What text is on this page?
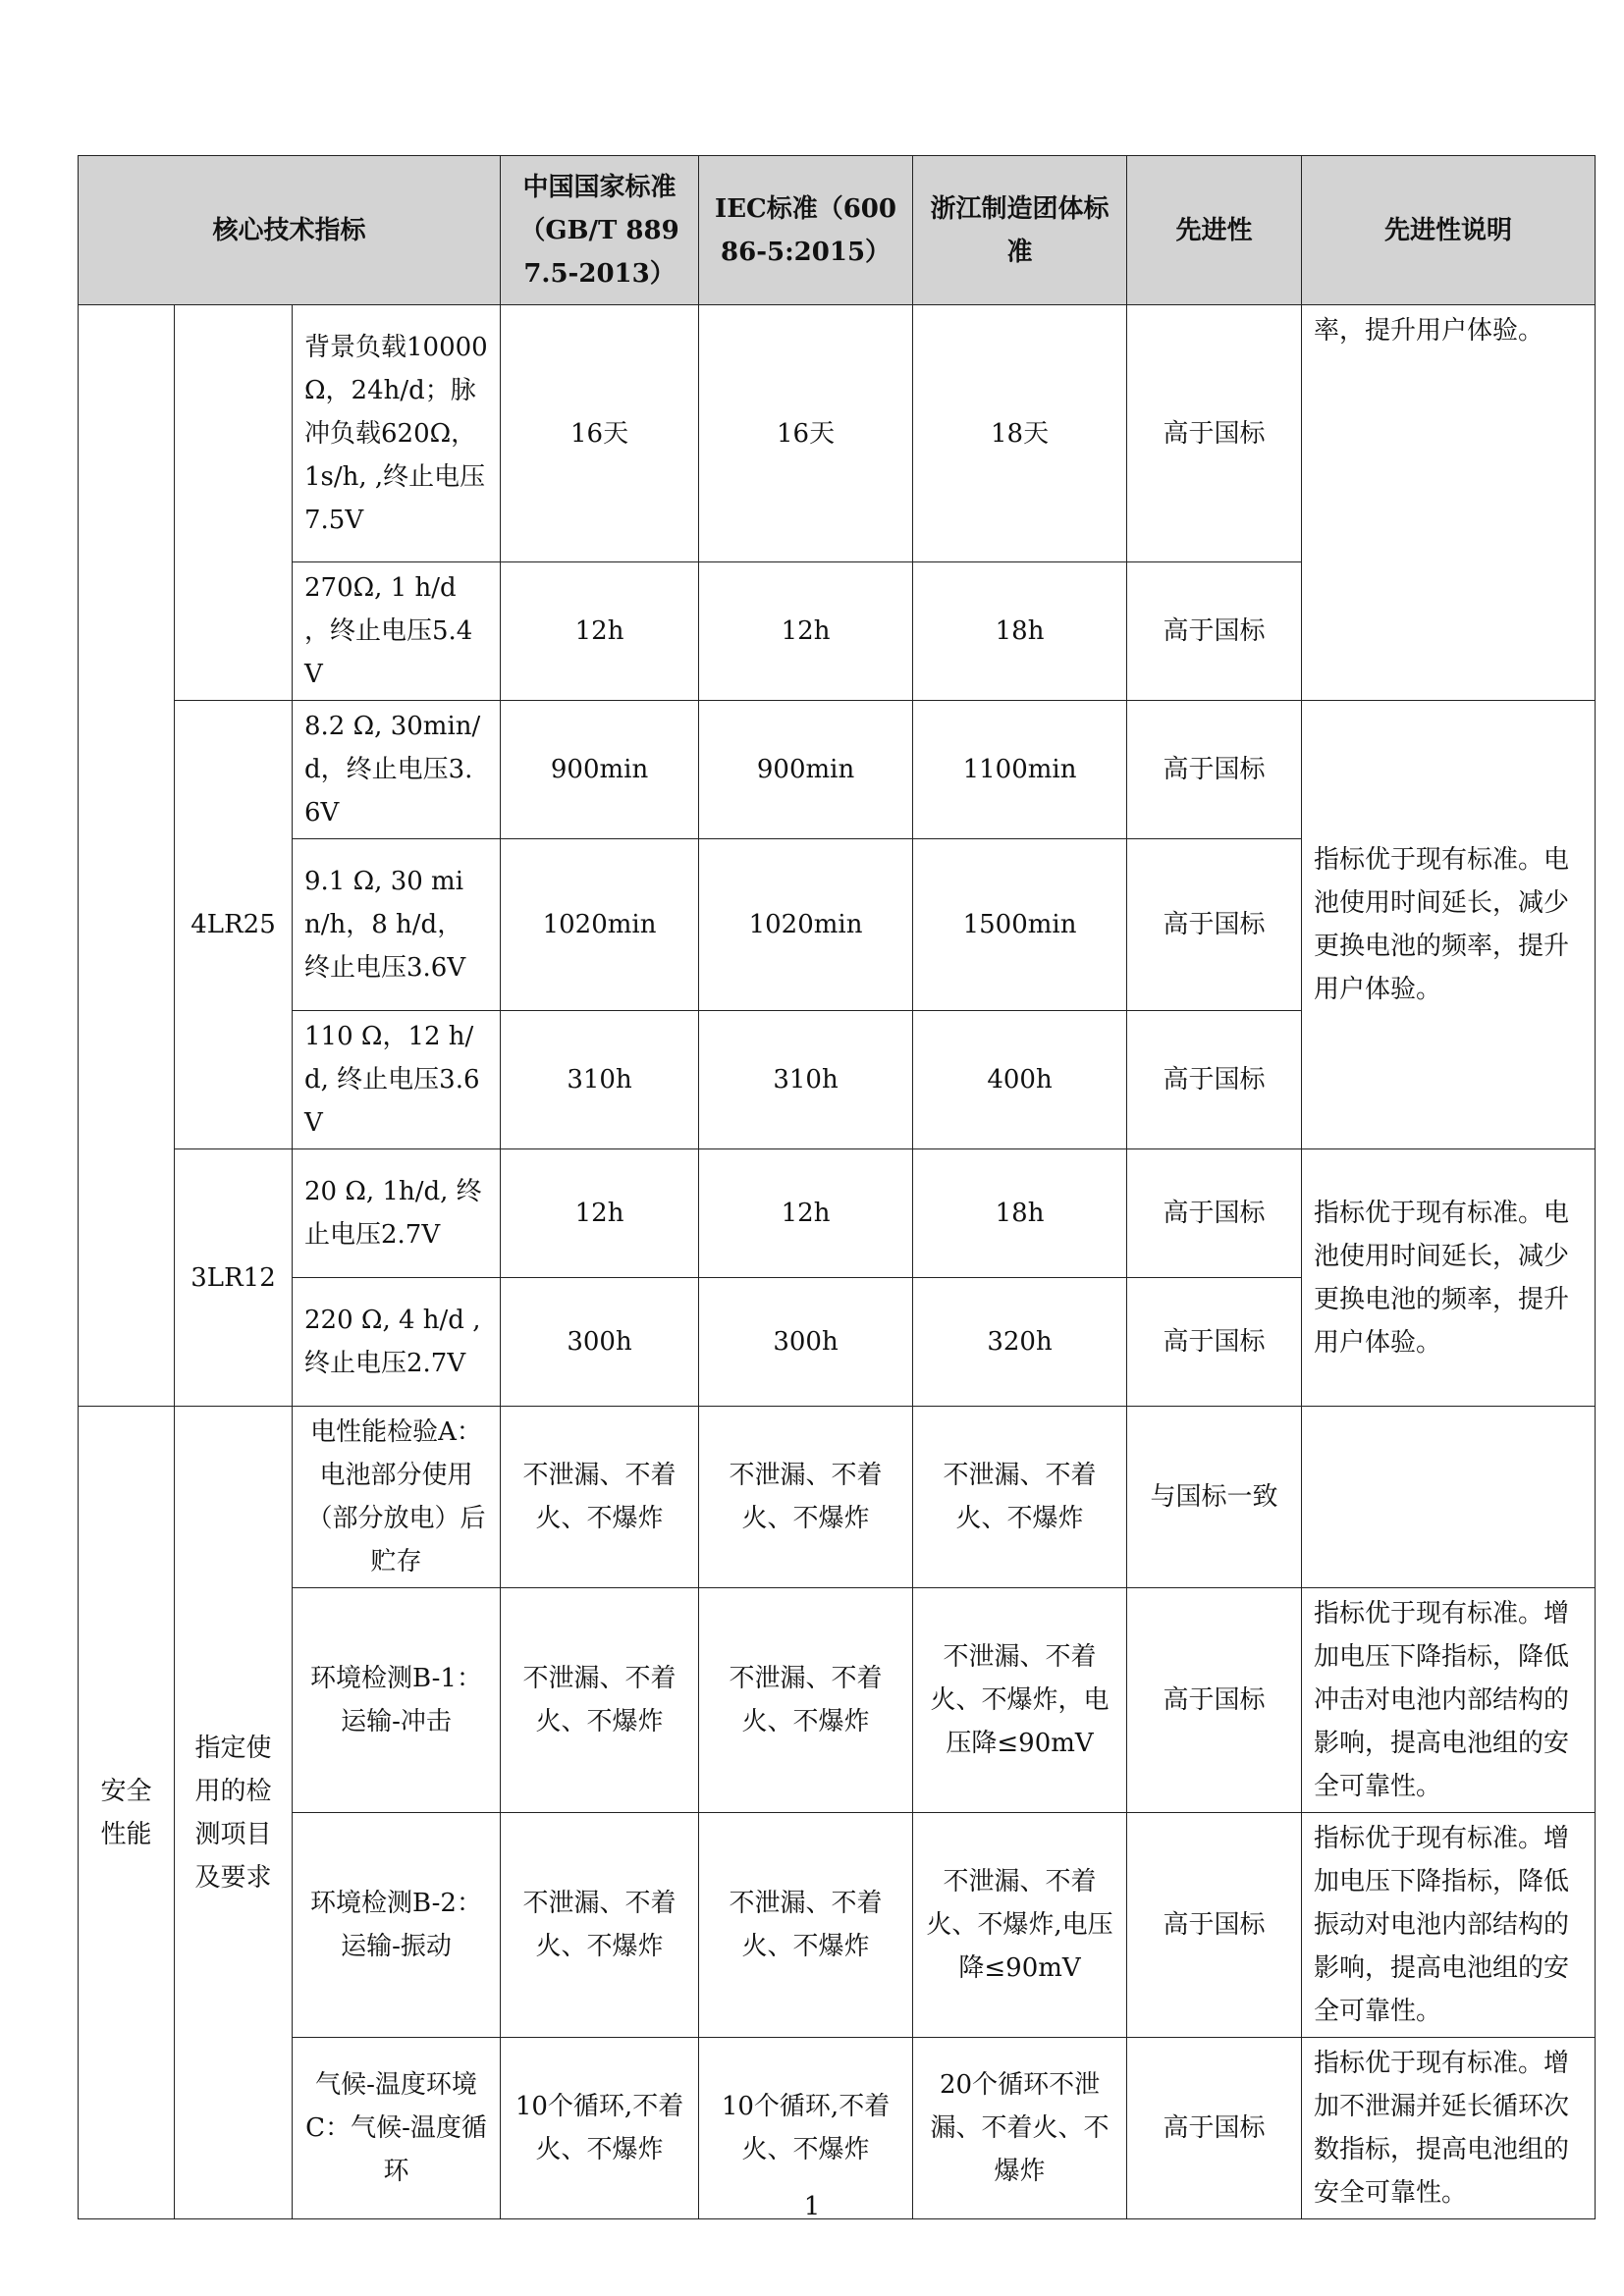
核心技术指标			中国国家标准（GB/T 8897.5-2013）	IEC标准（60086-5:2015）	浙江制造团体标准	先进性	先进性说明
		背景负载10000Ω，24h/d；脉冲负载620Ω，1s/h, ,终止电压7.5V	16天	16天	18天	高于国标	率，提升用户体验。
		270Ω, 1 h/d ，终止电压5.4V	12h	12h	18h	高于国标	
	4LR25	8.2 Ω, 30min/d，终止电压3.6V	900min	900min	1100min	高于国标	指标优于现有标准。电池使用时间延长，减少更换电池的频率，提升用户体验。
		9.1 Ω, 30 min/h，8 h/d，终止电压3.6V	1020min	1020min	1500min	高于国标	
		110 Ω，12 h/d, 终止电压3.6V	310h	310h	400h	高于国标	
	3LR12	20 Ω, 1h/d, 终止电压2.7V	12h	12h	18h	高于国标	指标优于现有标准。电池使用时间延长，减少更换电池的频率，提升用户体验。
		220 Ω, 4 h/d , 终止电压2.7V	300h	300h	320h	高于国标	
安全性能	指定使用的检测项目及要求	电性能检验A：电池部分使用（部分放电）后贮存	不泄漏、不着火、不爆炸	不泄漏、不着火、不爆炸	不泄漏、不着火、不爆炸	与国标一致	
		环境检测B-1：运输-冲击	不泄漏、不着火、不爆炸	不泄漏、不着火、不爆炸	不泄漏、不着火、不爆炸，电压降≤90mV	高于国标	指标优于现有标准。增加电压下降指标，降低冲击对电池内部结构的影响，提高电池组的安全可靠性。
		环境检测B-2：运输-振动	不泄漏、不着火、不爆炸	不泄漏、不着火、不爆炸	不泄漏、不着火、不爆炸,电压降≤90mV	高于国标	指标优于现有标准。增加电压下降指标，降低振动对电池内部结构的影响，提高电池组的安全可靠性。
		气候-温度环境C：气候-温度循环	10个循环,不着火、不爆炸	10个循环,不着火、不爆炸	20个循环不泄漏、不着火、不爆炸	高于国标	指标优于现有标准。增加不泄漏并延长循环次数指标，提高电池组的安全可靠性。
1
